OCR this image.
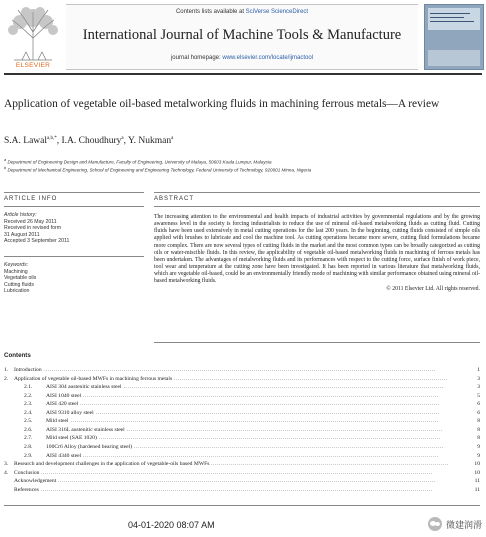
ELSEVIER
Contents lists available at SciVerse ScienceDirect
International Journal of Machine Tools & Manufacture
journal homepage: www.elsevier.com/locate/ijmactool
Application of vegetable oil-based metalworking fluids in machining ferrous metals—A review
S.A. Lawal$^{a,b,*}$, I.A. Choudhury$^a$, Y. Nukman$^a$
$^a$ Department of Engineering Design and Manufacture, Faculty of Engineering, University of Malaya, 50603 Kuala Lumpur, Malaysia
$^b$ Department of Mechanical Engineering, School of Engineering and Engineering Technology, Federal University of Technology, 920001 Minna, Nigeria
ARTICLE INFO
Article history:
Received 26 May 2011
Received in revised form
31 August 2011
Accepted 3 September 2011
Keywords:
Machining
Vegetable oils
Cutting fluids
Lubrication
ABSTRACT
The increasing attention to the environmental and health impacts of industrial activities by governmental regulations and by the growing awareness level in the society is forcing industrialists to reduce the use of mineral oil-based metalworking fluids as cutting fluid. Cutting fluids have been used extensively in metal cutting operations for the last 200 years. In the beginning, cutting fluids consisted of simple oils applied with brushes to lubricate and cool the machine tool. As cutting operations became more severe, cutting fluid formulations became more complex. There are now several types of cutting fluids in the market and the most common types can be broadly categorized as cutting oils or water-miscible fluids. In this review, the applicability of vegetable oil-based metalworking fluids in machining of ferrous metals has been undertaken. The advantages of metalworking fluids and its performances with respect to the cutting force, surface finish of work piece, tool wear and temperature at the cutting zone have been investigated. It has been reported in various literature that metalworking fluids, which are vegetable oil-based, could be an environmentally friendly mode of machining with similar performance obtained using mineral oil-based metalworking fluids.
© 2011 Elsevier Ltd. All rights reserved.
Contents
1. Introduction ....................................................................................................................................................................................................	1
2. Application of vegetable oil-based MWFs in machining ferrous metals .........................................................................................................................................	3
2.1. AISI 304 austenitic stainless steel ................................................................................................................................................................	3
2.2. AISI 1040 steel ..................................................................................................................................................................................	5
2.3. AISI 420 steel ....................................................................................................................................................................................	6
2.4. AISI 9310 alloy steel ............................................................................................................................................................................	6
2.5. Mild steel ........................................................................................................................................................................................	8
2.6. AISI 316L austenitic stainless steel ..............................................................................................................................................................	8
2.7. Mild steel (SAE 1020) ...........................................................................................................................................................................	8
2.8. 100Cr6 Alloy (hardened bearing steel) ...........................................................................................................................................................	9
2.9. AISI 4340 steel ..................................................................................................................................................................................	9
3. Research and development challenges in the application of vegetable-oils based MWFs .......................................................................................................................	10
4. Conclusion ....................................................................................................................................................................................................	10
Acknowledgement .............................................................................................................................................................................................	11
References ....................................................................................................................................................................................................	11
04-01-2020 08:07 AM	微建润滑
